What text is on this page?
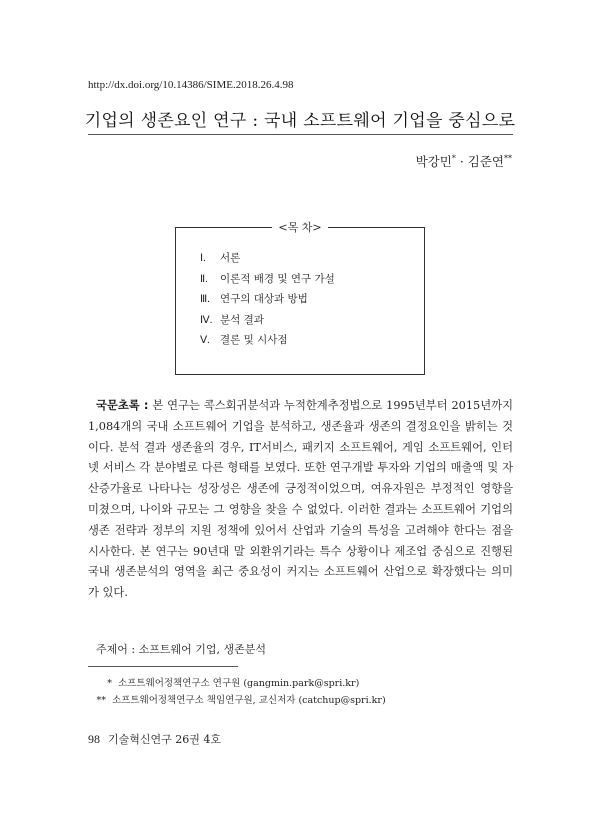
http://dx.doi.org/10.14386/SIME.2018.26.4.98
기업의 생존요인 연구 : 국내 소프트웨어 기업을 중심으로
박강민* · 김준연**
<목 차>
Ⅰ. 서론
Ⅱ. 이론적 배경 및 연구 가설
Ⅲ. 연구의 대상과 방법
Ⅳ. 분석 결과
Ⅴ. 결론 및 시사점

국문초록 : 본 연구는 콕스회귀분석과 누적한계추정법으로 1995년부터 2015년까지 1,084개의 국내 소프트웨어 기업을 분석하고, 생존율과 생존의 결정요인을 밝히는 것이다. 분석 결과 생존율의 경우, IT서비스, 패키지 소프트웨어, 게임 소프트웨어, 인터넷 서비스 각 분야별로 다른 형태를 보였다. 또한 연구개발 투자와 기업의 매출액 및 자산증가율로 나타나는 성장성은 생존에 긍정적이었으며, 여유자원은 부정적인 영향을 미쳤으며, 나이와 규모는 그 영향을 찾을 수 없었다. 이러한 결과는 소프트웨어 기업의 생존 전략과 정부의 지원 정책에 있어서 산업과 기술의 특성을 고려해야 한다는 점을 시사한다. 본 연구는 90년대 말 외환위기라는 특수 상황이나 제조업 중심으로 진행된 국내 생존분석의 영역을 최근 중요성이 커지는 소프트웨어 산업으로 확장했다는 의미가 있다.

주제어 : 소프트웨어 기업, 생존분석
* 소프트웨어정책연구소 연구원 (gangmin.park@spri.kr)
** 소프트웨어정책연구소 책임연구원, 교신저자 (catchup@spri.kr)
98 기술혁신연구 26권 4호
